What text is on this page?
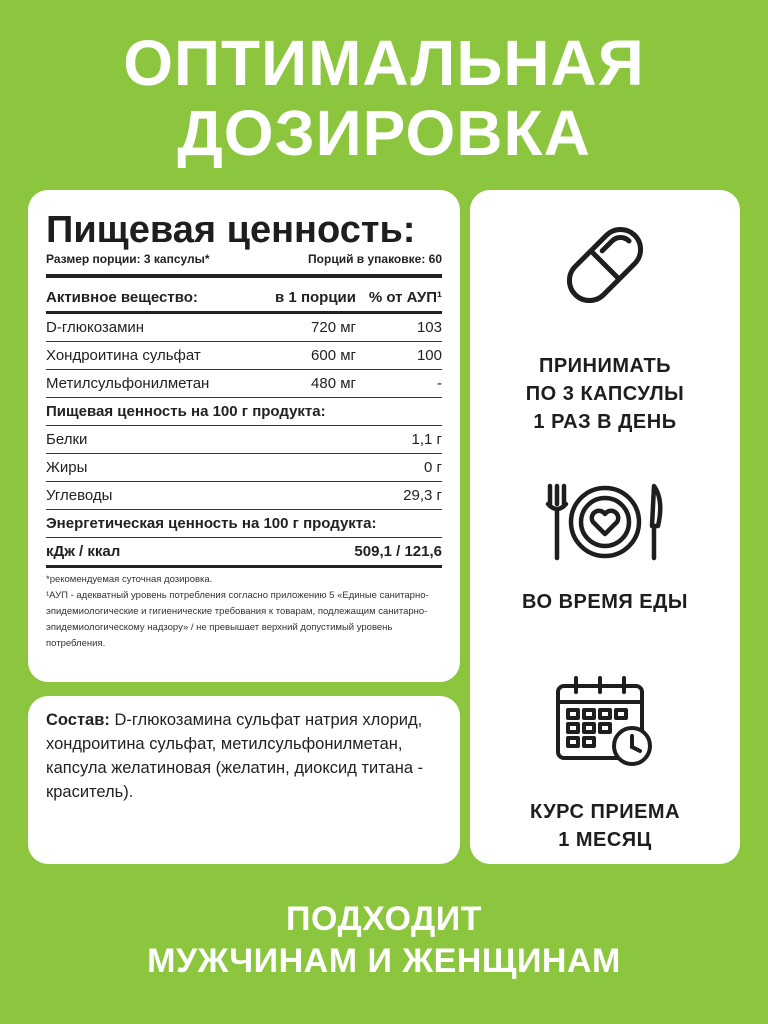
ОПТИМАЛЬНАЯ
ДОЗИРОВКА
Пищевая ценность:
Размер порции: 3 капсулы*	Порций в упаковке: 60
Активное вещество:	в 1 порции % от АУП¹
D-глюкозамин	720 мг	103
Хондроитина сульфат	600 мг	100
Метилсульфонилметан	480 мг	-
Пищевая ценность на 100 г продукта:
Белки	1,1 г
Жиры	0 г
Углеводы	29,3 г
Энергетическая ценность на 100 г продукта:
кДж / ккал	509,1 / 121,6
*рекомендуемая суточная дозировка.
¹АУП - адекватный уровень потребления согласно приложению 5 «Единые санитарно-эпидемиологические и гигиенические требования к товарам, подлежащим санитарно-эпидемиологическому надзору» / не превышает верхний допустимый уровень потребления.
Состав: D-глюкозамина сульфат натрия хлорид, хондроитина сульфат, метилсульфонилметан, капсула желатиновая (желатин, диоксид титана - краситель).
ПРИНИМАТЬ
ПО 3 КАПСУЛЫ
1 РАЗ В ДЕНЬ
ВО ВРЕМЯ ЕДЫ
КУРС ПРИЕМА
1 МЕСЯЦ
ПОДХОДИТ
МУЖЧИНАМ И ЖЕНЩИНАМ
